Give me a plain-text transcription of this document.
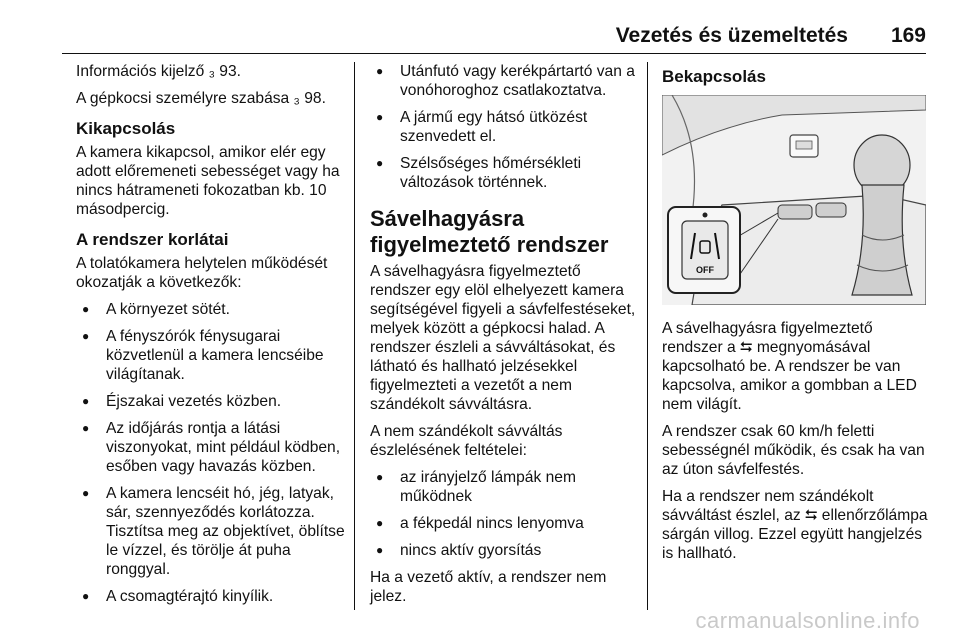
Vezetés és üzemeltetés 169

Információs kijelző ₃ 93.

A gépkocsi személyre szabása ₃ 98.

Kikapcsolás

A kamera kikapcsol, amikor elér egy adott előremeneti sebességet vagy ha nincs hátrameneti fokozatban kb. 10 másodpercig.

A rendszer korlátai

A tolatókamera helytelen működését okozatják a következők:

● A környezet sötét.
● A fényszórók fénysugarai közvetlenül a kamera lencséibe világítanak.
● Éjszakai vezetés közben.
● Az időjárás rontja a látási viszonyokat, mint például ködben, esőben vagy havazás közben.
● A kamera lencséit hó, jég, latyak, sár, szennyeződés korlátozza. Tisztítsa meg az objektívet, öblítse le vízzel, és törölje át puha ronggyal.
● A csomagtérajtó kinyílik.
● Utánfutó vagy kerékpártartó van a vonóhoroghoz csatlakoztatva.
● A jármű egy hátsó ütközést szenvedett el.
● Szélsőséges hőmérsékleti változások történnek.
Sávelhagyásra figyelmeztető rendszer

A sávelhagyásra figyelmeztető rendszer egy elöl elhelyezett kamera segítségével figyeli a sávfelfestéseket, melyek között a gépkocsi halad. A rendszer észleli a sávváltásokat, és látható és hallható jelzésekkel figyelmezteti a vezetőt a nem szándékolt sávváltásra.

A nem szándékolt sávváltás észlelésének feltételei:

● az irányjelző lámpák nem működnek
● a fékpedál nincs lenyomva
● nincs aktív gyorsítás

Ha a vezető aktív, a rendszer nem jelez.

Bekapcsolás
OFF

A sávelhagyásra figyelmeztető rendszer a ⮀ megnyomásával kapcsolható be. A rendszer be van kapcsolva, amikor a gombban a LED nem világít.

A rendszer csak 60 km/h feletti sebességnél működik, és csak ha van az úton sávfelfestés.

Ha a rendszer nem szándékolt sávváltást észlel, az ⮀ ellenőrzőlámpa sárgán villog. Ezzel együtt hangjelzés is hallható.

carmanualsonline.info
